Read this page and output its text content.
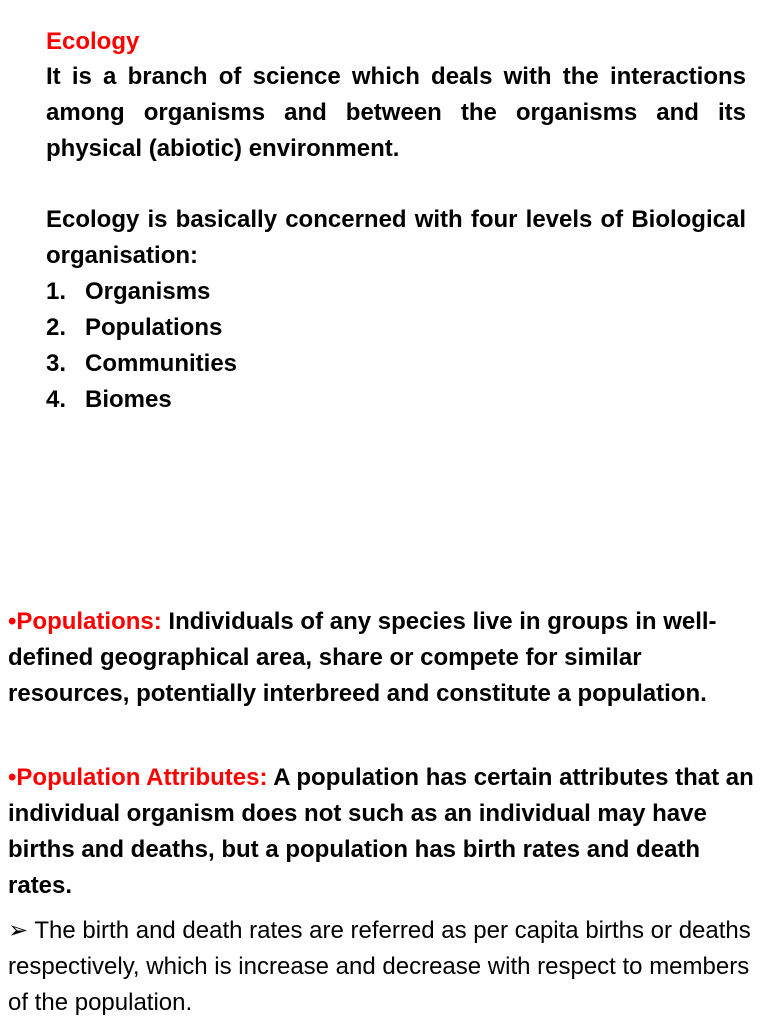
Ecology
It is a branch of science which deals with the interactions among organisms and between the organisms and its physical (abiotic) environment.
Ecology is basically concerned with four levels of Biological organisation:
1. Organisms
2. Populations
3. Communities
4. Biomes
•Populations: Individuals of any species live in groups in well-defined geographical area, share or compete for similar resources, potentially interbreed and constitute a population.
•Population Attributes: A population has certain attributes that an individual organism does not such as an individual may have births and deaths, but a population has birth rates and death rates.
➢ The birth and death rates are referred as per capita births or deaths respectively, which is increase and decrease with respect to members of the population.
